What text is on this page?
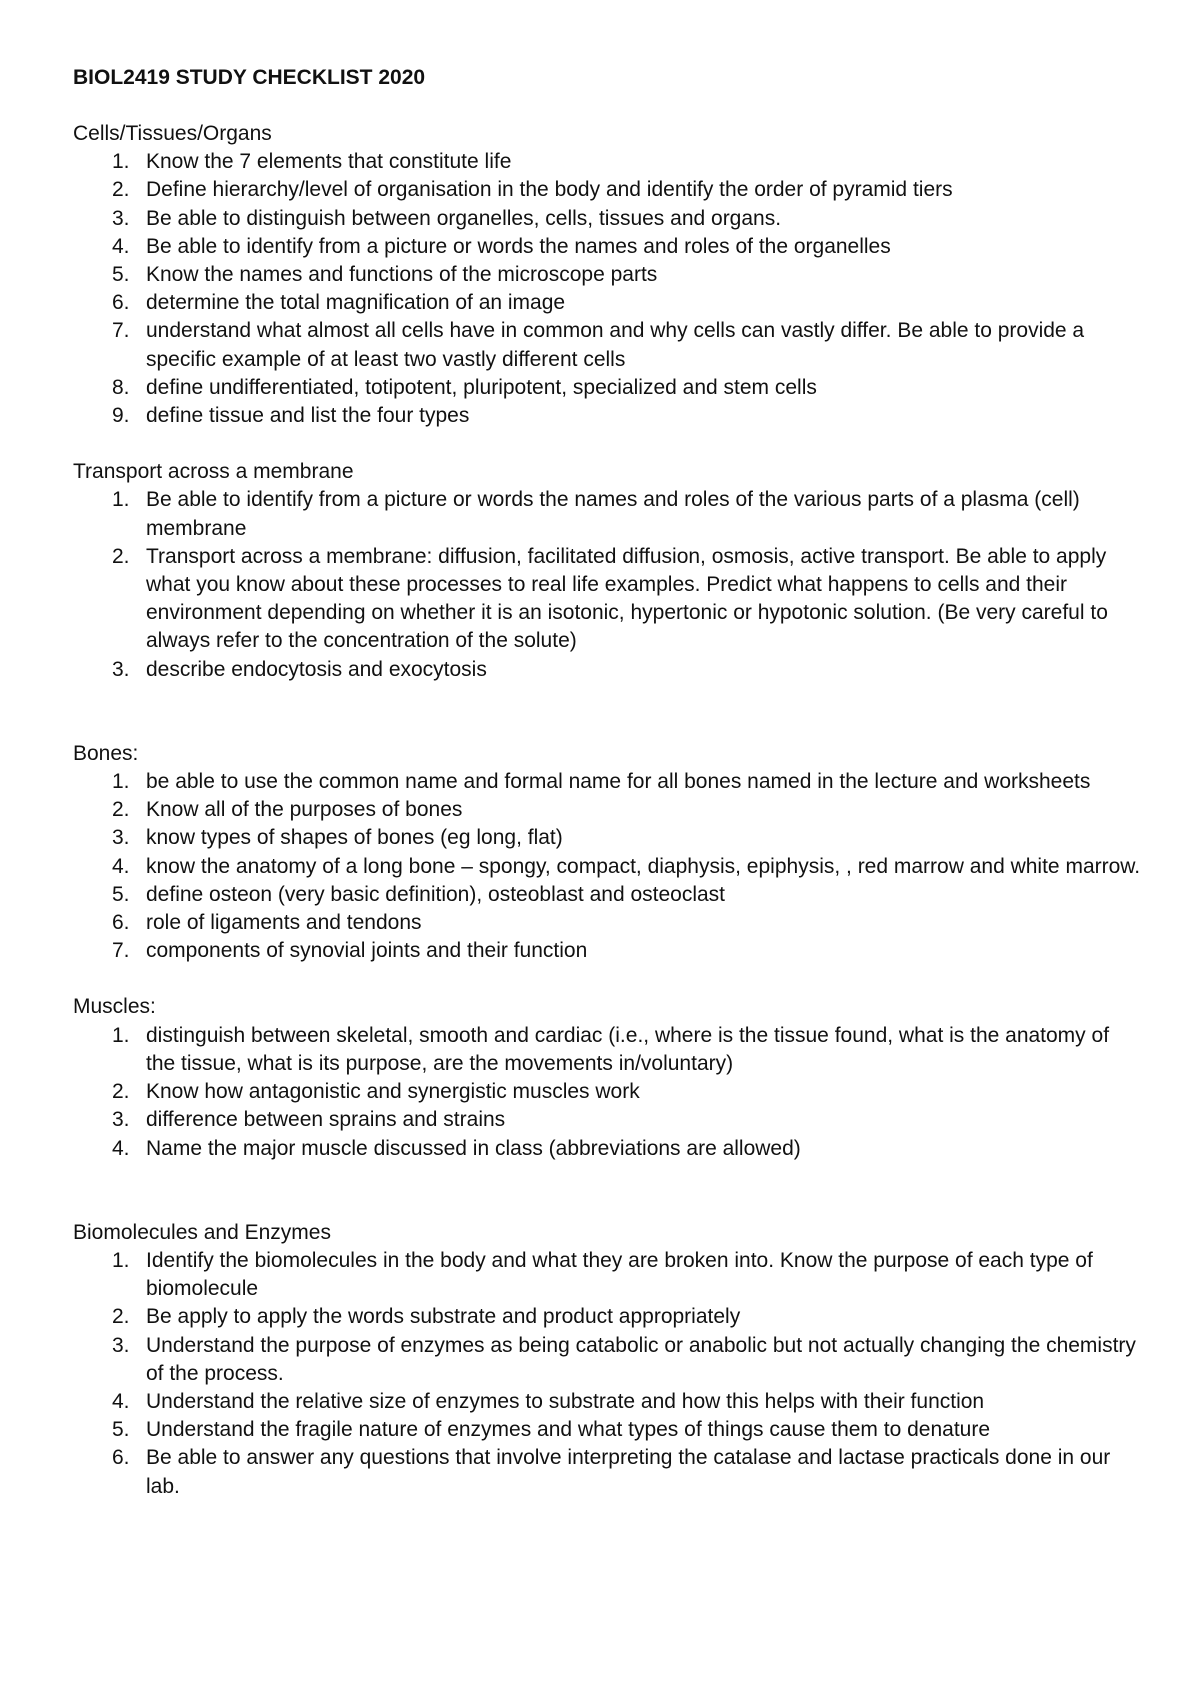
BIOL2419 STUDY CHECKLIST 2020
Cells/Tissues/Organs
1. Know the 7 elements that constitute life
2. Define hierarchy/level of organisation in the body and identify the order of pyramid tiers
3. Be able to distinguish between organelles, cells, tissues and organs.
4. Be able to identify from a picture or words the names and roles of the organelles
5. Know the names and functions of the microscope parts
6. determine the total magnification of an image
7. understand what almost all cells have in common and why cells can vastly differ. Be able to provide a specific example of at least two vastly different cells
8. define undifferentiated, totipotent, pluripotent, specialized and stem cells
9. define tissue and list the four types
Transport across a membrane
1. Be able to identify from a picture or words the names and roles of the various parts of a plasma (cell) membrane
2. Transport across a membrane: diffusion, facilitated diffusion, osmosis, active transport. Be able to apply what you know about these processes to real life examples. Predict what happens to cells and their environment depending on whether it is an isotonic, hypertonic or hypotonic solution. (Be very careful to always refer to the concentration of the solute)
3. describe endocytosis and exocytosis
Bones:
1. be able to use the common name and formal name for all bones named in the lecture and worksheets
2. Know all of the purposes of bones
3. know types of shapes of bones (eg long, flat)
4. know the anatomy of a long bone – spongy, compact, diaphysis, epiphysis, , red marrow and white marrow.
5. define osteon (very basic definition), osteoblast and osteoclast
6. role of ligaments and tendons
7. components of synovial joints and their function
Muscles:
1. distinguish between skeletal, smooth and cardiac (i.e., where is the tissue found, what is the anatomy of the tissue, what is its purpose, are the movements in/voluntary)
2. Know how antagonistic and synergistic muscles work
3. difference between sprains and strains
4. Name the major muscle discussed in class (abbreviations are allowed)
Biomolecules and Enzymes
1. Identify the biomolecules in the body and what they are broken into. Know the purpose of each type of biomolecule
2. Be apply to apply the words substrate and product appropriately
3. Understand the purpose of enzymes as being catabolic or anabolic but not actually changing the chemistry of the process.
4. Understand the relative size of enzymes to substrate and how this helps with their function
5. Understand the fragile nature of enzymes and what types of things cause them to denature
6. Be able to answer any questions that involve interpreting the catalase and lactase practicals done in our lab.
